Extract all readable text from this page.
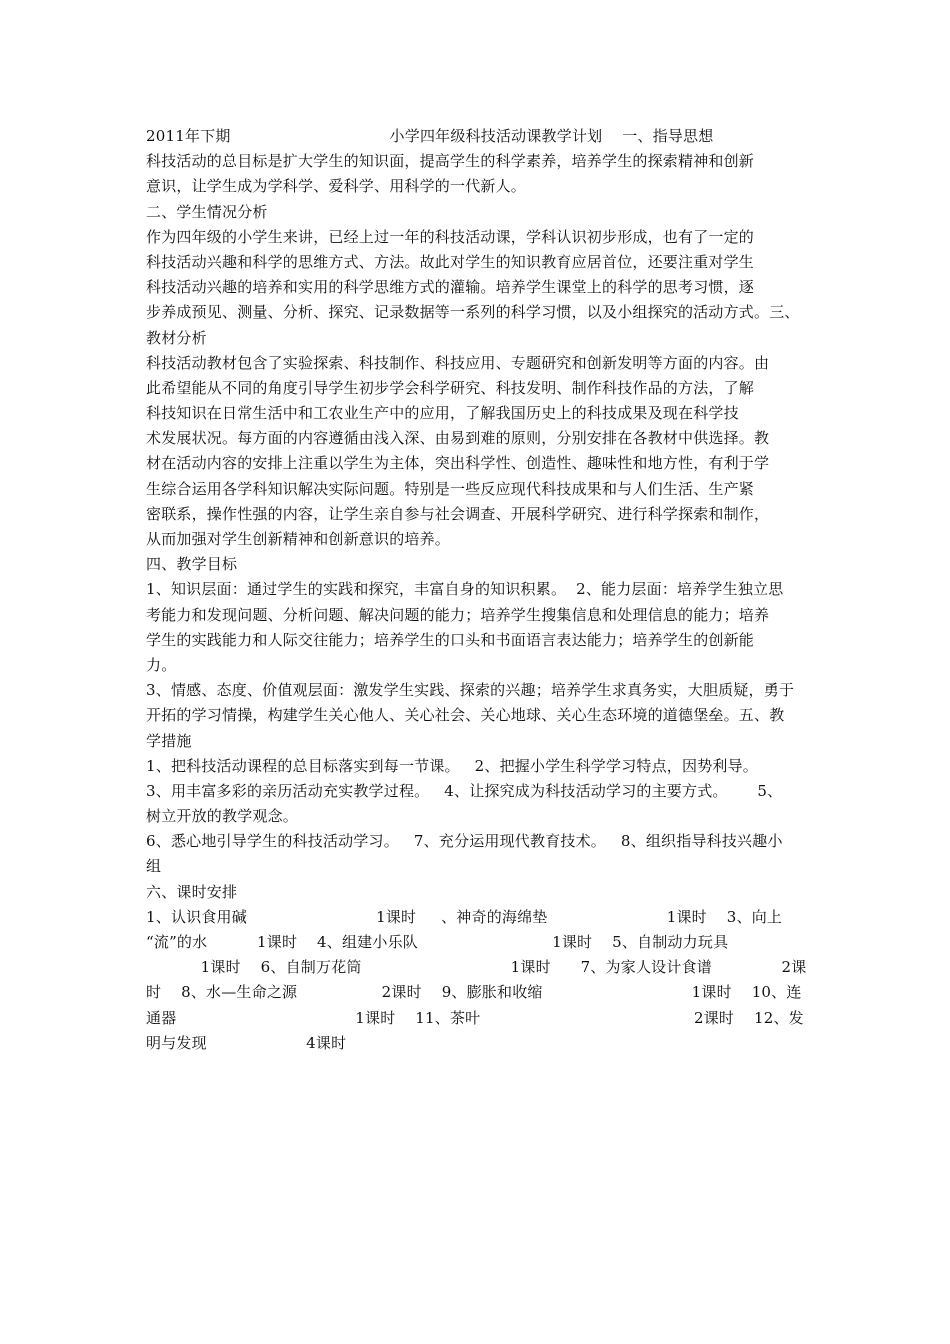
2011年下期                                小学四年级科技活动课教学计划    一、指导思想
科技活动的总目标是扩大学生的知识面，提高学生的科学素养，培养学生的探索精神和创新
意识，让学生成为学科学、爱科学、用科学的一代新人。
二、学生情况分析
作为四年级的小学生来讲，已经上过一年的科技活动课，学科认识初步形成，也有了一定的
科技活动兴趣和科学的思维方式、方法。故此对学生的知识教育应居首位，还要注重对学生
科技活动兴趣的培养和实用的科学思维方式的灌输。培养学生课堂上的科学的思考习惯，逐
步养成预见、测量、分析、探究、记录数据等一系列的科学习惯，以及小组探究的活动方式。三、
教材分析
科技活动教材包含了实验探索、科技制作、科技应用、专题研究和创新发明等方面的内容。由
此希望能从不同的角度引导学生初步学会科学研究、科技发明、制作科技作品的方法，了解
科技知识在日常生活中和工农业生产中的应用，了解我国历史上的科技成果及现在科学技
术发展状况。每方面的内容遵循由浅入深、由易到难的原则，分别安排在各教材中供选择。教
材在活动内容的安排上注重以学生为主体，突出科学性、创造性、趣味性和地方性，有利于学
生综合运用各学科知识解决实际问题。特别是一些反应现代科技成果和与人们生活、生产紧
密联系，操作性强的内容，让学生亲自参与社会调查、开展科学研究、进行科学探索和制作，
从而加强对学生创新精神和创新意识的培养。
四、教学目标
1、知识层面：通过学生的实践和探究，丰富自身的知识积累。  2、能力层面：培养学生独立思
考能力和发现问题、分析问题、解决问题的能力；培养学生搜集信息和处理信息的能力；培养
学生的实践能力和人际交往能力；培养学生的口头和书面语言表达能力；培养学生的创新能
力。
3、情感、态度、价值观层面：激发学生实践、探索的兴趣；培养学生求真务实，大胆质疑，勇于
开拓的学习情操，构建学生关心他人、关心社会、关心地球、关心生态环境的道德堡垒。五、教
学措施
1、把科技活动课程的总目标落实到每一节课。   2、把握小学生科学学习特点，因势利导。
3、用丰富多彩的亲历活动充实教学过程。   4、让探究成为科技活动学习的主要方式。      5、
树立开放的教学观念。
6、悉心地引导学生的科技活动学习。   7、充分运用现代教育技术。   8、组织指导科技兴趣小
组
六、课时安排
1、认识食用碱                          1课时     、神奇的海绵垫                        1课时    3、向上
“流”的水          1课时    4、组建小乐队                           1课时    5、自制动力玩具
1课时    6、自制万花筒                              1课时      7、为家人设计食谱              2课
时    8、水—生命之源                 2课时    9、膨胀和收缩                              1课时    10、连
通器                                    1课时    11、茶叶                                           2课时    12、发
明与发现                    4课时
